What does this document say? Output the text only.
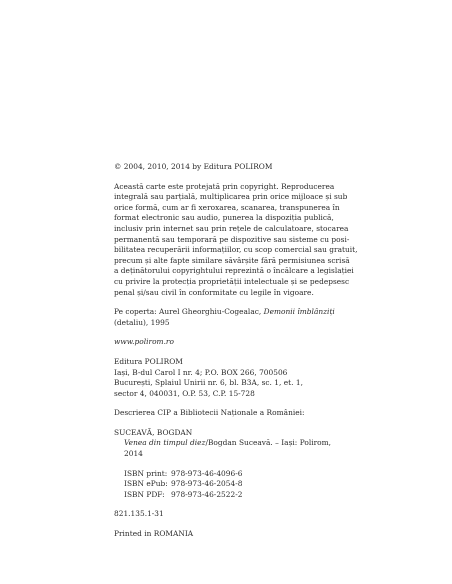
© 2004, 2010, 2014 by Editura POLIROM
Această carte este protejată prin copyright. Reproducerea
integrală sau parțială, multiplicarea prin orice mijloace și sub
orice formă, cum ar fi xeroxarea, scanarea, transpunerea în
format electronic sau audio, punerea la dispoziția publică,
inclusiv prin internet sau prin rețele de calculatoare, stocarea
permanentă sau temporară pe dispozitive sau sisteme cu posi-
bilitatea recuperării informațiilor, cu scop comercial sau gratuit,
precum și alte fapte similare săvârșite fără permisiunea scrisă
a deținătorului copyrightului reprezintă o încălcare a legislației
cu privire la protecția proprietății intelectuale și se pedepsesc
penal și/sau civil în conformitate cu legile în vigoare.
Pe coperta: Aurel Gheorghiu-Cogealac, Demonii îmblânziți
(detaliu), 1995
www.polirom.ro
Editura POLIROM
Iași, B-dul Carol I nr. 4; P.O. BOX 266, 700506
București, Splaiul Unirii nr. 6, bl. B3A, sc. 1, et. 1,
sector 4, 040031, O.P. 53, C.P. 15-728
Descrierea CIP a Bibliotecii Naționale a României:
SUCEAVĂ, BOGDAN
Venea din timpul diez/Bogdan Suceavă. – Iași: Polirom,
2014
ISBN print: 978-973-46-4096-6
ISBN ePub: 978-973-46-2054-8
ISBN PDF: 978-973-46-2522-2
821.135.1-31
Printed in ROMANIA
